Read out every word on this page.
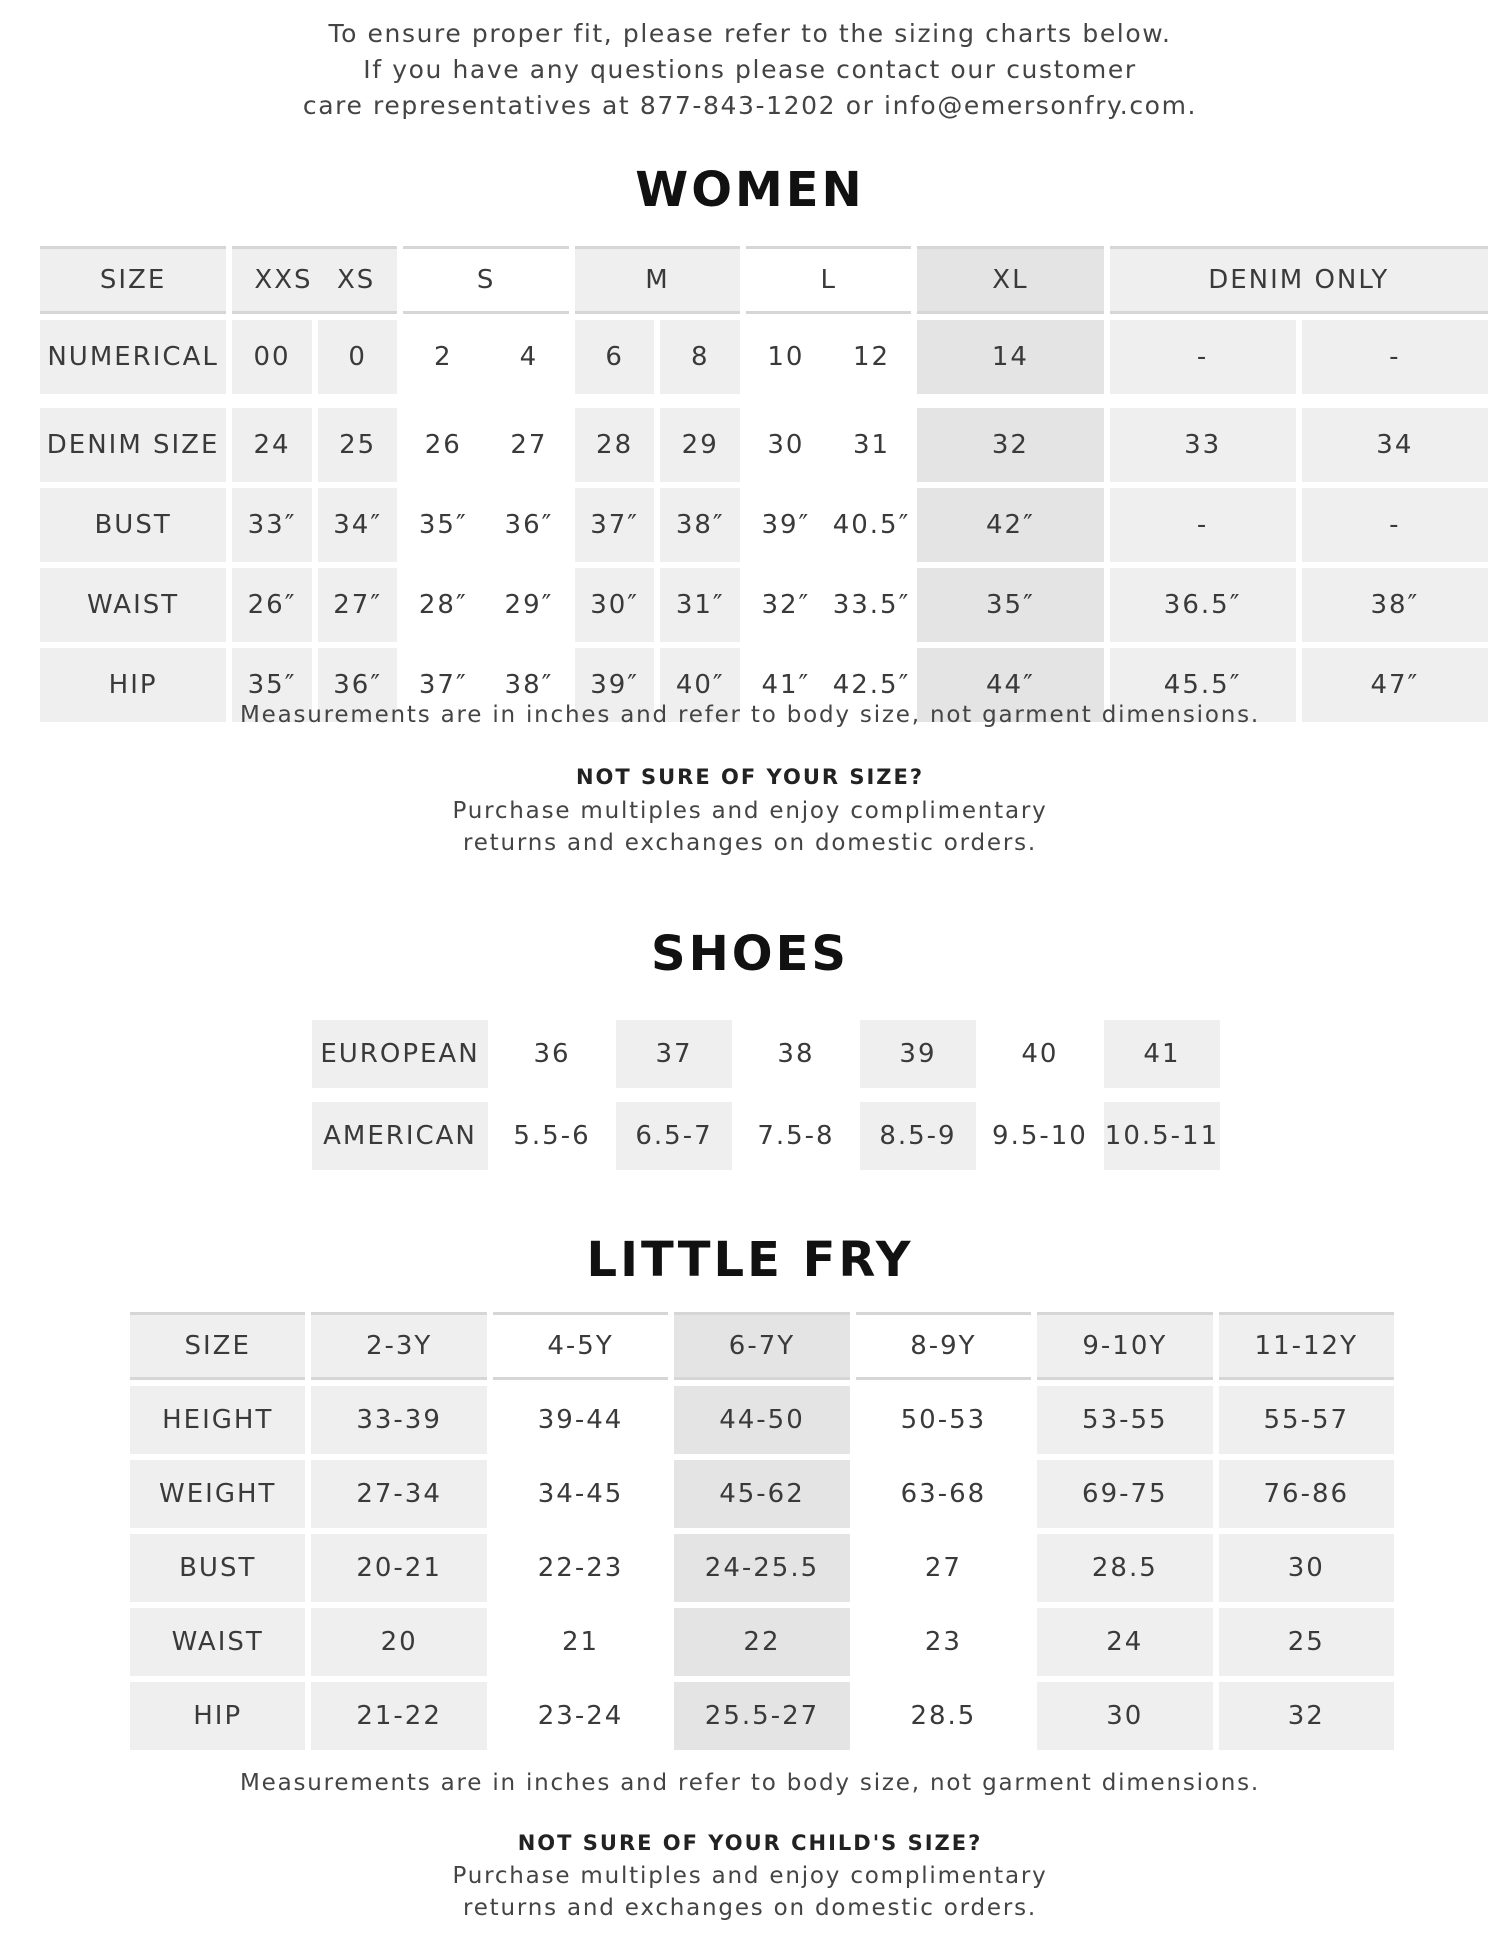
To ensure proper fit, please refer to the sizing charts below.
If you have any questions please contact our customer
care representatives at 877-843-1202 or info@emersonfry.com.
WOMEN
SIZE	XXS XS		S		M		L		XL	DENIM ONLY	

NUMERICAL	00	0	2	4	6	8	10	12	14	-	-

DENIM SIZE	24	25	26	27	28	29	30	31	32	33	34

BUST	33″	34″	35″	36″	37″	38″	39″	40.5″	42″	-	-

WAIST	26″	27″	28″	29″	30″	31″	32″	33.5″	35″	36.5″	38″

HIP	35″	36″	37″	38″	39″	40″	41″	42.5″	44″	45.5″	47″
Measurements are in inches and refer to body size, not garment dimensions.
NOT SURE OF YOUR SIZE?
Purchase multiples and enjoy complimentary
returns and exchanges on domestic orders.
SHOES
EUROPEAN	36	37	38	39	40	41
AMERICAN	5.5-6	6.5-7	7.5-8	8.5-9	9.5-10	10.5-11
LITTLE FRY
SIZE	2-3Y	4-5Y	6-7Y	8-9Y	9-10Y	11-12Y

HEIGHT	33-39	39-44	44-50	50-53	53-55	55-57

WEIGHT	27-34	34-45	45-62	63-68	69-75	76-86

BUST	20-21	22-23	24-25.5	27	28.5	30

WAIST	20	21	22	23	24	25

HIP	21-22	23-24	25.5-27	28.5	30	32
Measurements are in inches and refer to body size, not garment dimensions.
NOT SURE OF YOUR CHILD'S SIZE?
Purchase multiples and enjoy complimentary
returns and exchanges on domestic orders.
